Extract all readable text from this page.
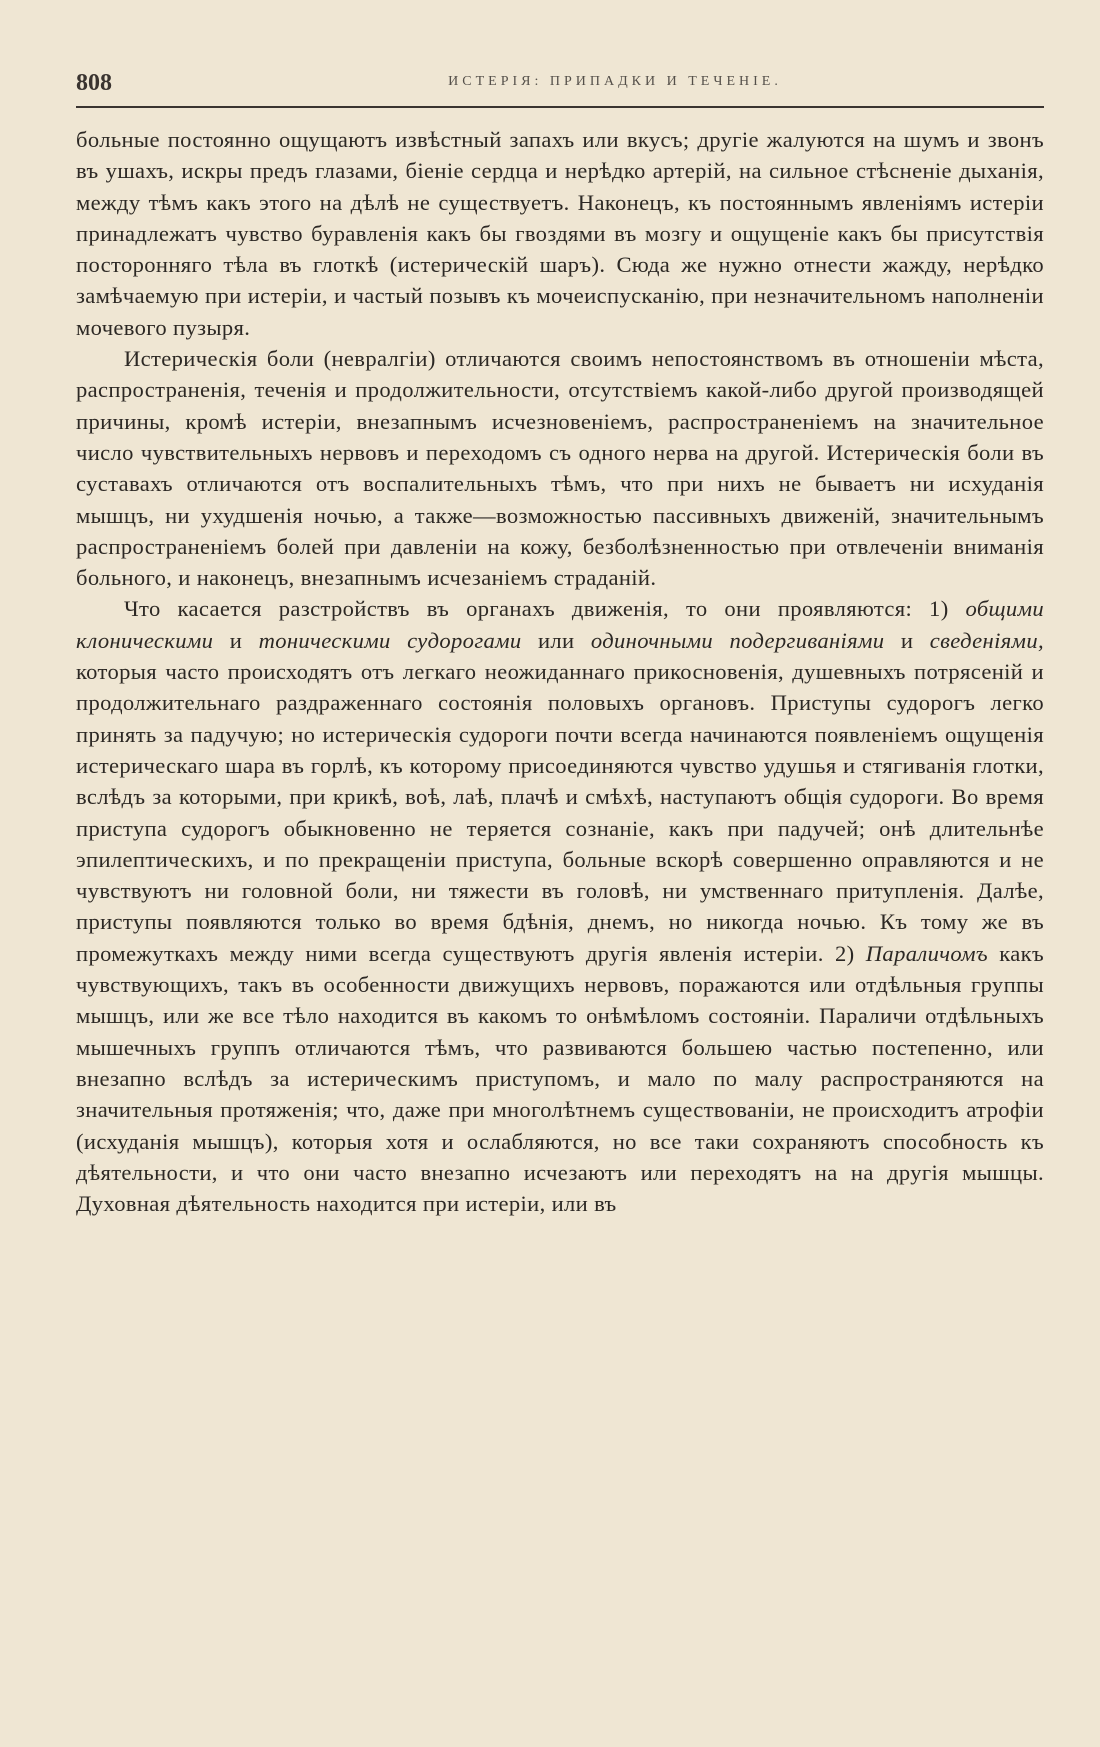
808	ИСТЕРІЯ: ПРИПАДКИ И ТЕЧЕНІЕ.

больные постоянно ощущаютъ извѣстный запахъ или вкусъ; другіе жалуются на шумъ и звонъ въ ушахъ, искры предъ глазами, біеніе сердца и нерѣдко артерій, на сильное стѣсненіе дыханія, между тѣмъ какъ этого на дѣлѣ не существуетъ. Наконецъ, къ постояннымъ явленіямъ истеріи принадлежатъ чувство буравленія какъ бы гвоздями въ мозгу и ощущеніе какъ бы присутствія посторонняго тѣла въ глоткѣ (истерическій шаръ). Сюда же нужно отнести жажду, нерѣдко замѣчаемую при истеріи, и частый позывъ къ мочеиспусканію, при незначительномъ наполненіи мочевого пузыря.

Истерическія боли (невралгіи) отличаются своимъ непостоянствомъ въ отношеніи мѣста, распространенія, теченія и продолжительности, отсутствіемъ какой-либо другой производящей причины, кромѣ истеріи, внезапнымъ исчезновеніемъ, распространеніемъ на значительное число чувствительныхъ нервовъ и переходомъ съ одного нерва на другой. Истерическія боли въ суставахъ отличаются отъ воспалительныхъ тѣмъ, что при нихъ не бываетъ ни исхуданія мышцъ, ни ухудшенія ночью, а также—возможностью пассивныхъ движеній, значительнымъ распространеніемъ болей при давленіи на кожу, безболѣзненностью при отвлеченіи вниманія больного, и наконецъ, внезапнымъ исчезаніемъ страданій.

Что касается разстройствъ въ органахъ движенія, то они проявляются: 1) общими клоническими и тоническими судорогами или одиночными подергиваніями и сведеніями, которыя часто происходятъ отъ легкаго неожиданнаго прикосновенія, душевныхъ потрясеній и продолжительнаго раздраженнаго состоянія половыхъ органовъ. Приступы судорогъ легко принять за падучую; но истерическія судороги почти всегда начинаются появленіемъ ощущенія истерическаго шара въ горлѣ, къ которому присоединяются чувство удушья и стягиванія глотки, вслѣдъ за которыми, при крикѣ, воѣ, лаѣ, плачѣ и смѣхѣ, наступаютъ общія судороги. Во время приступа судорогъ обыкновенно не теряется сознаніе, какъ при падучей; онѣ длительнѣе эпилептическихъ, и по прекращеніи приступа, больные вскорѣ совершенно оправляются и не чувствуютъ ни головной боли, ни тяжести въ головѣ, ни умственнаго притупленія. Далѣе, приступы появляются только во время бдѣнія, днемъ, но никогда ночью. Къ тому же въ промежуткахъ между ними всегда существуютъ другія явленія истеріи. 2) Параличомъ какъ чувствующихъ, такъ въ особенности движущихъ нервовъ, поражаются или отдѣльныя группы мышцъ, или же все тѣло находится въ какомъ то онѣмѣломъ состояніи. Параличи отдѣльныхъ мышечныхъ группъ отличаются тѣмъ, что развиваются большею частью постепенно, или внезапно вслѣдъ за истерическимъ приступомъ, и мало по малу распространяются на значительныя протяженія; что, даже при многолѣтнемъ существованіи, не происходитъ атрофіи (исхуданія мышцъ), которыя хотя и ослабляются, но все таки сохраняютъ способность къ дѣятельности, и что они часто внезапно исчезаютъ или переходятъ на на другія мышцы. Духовная дѣятельность находится при истеріи, или въ
